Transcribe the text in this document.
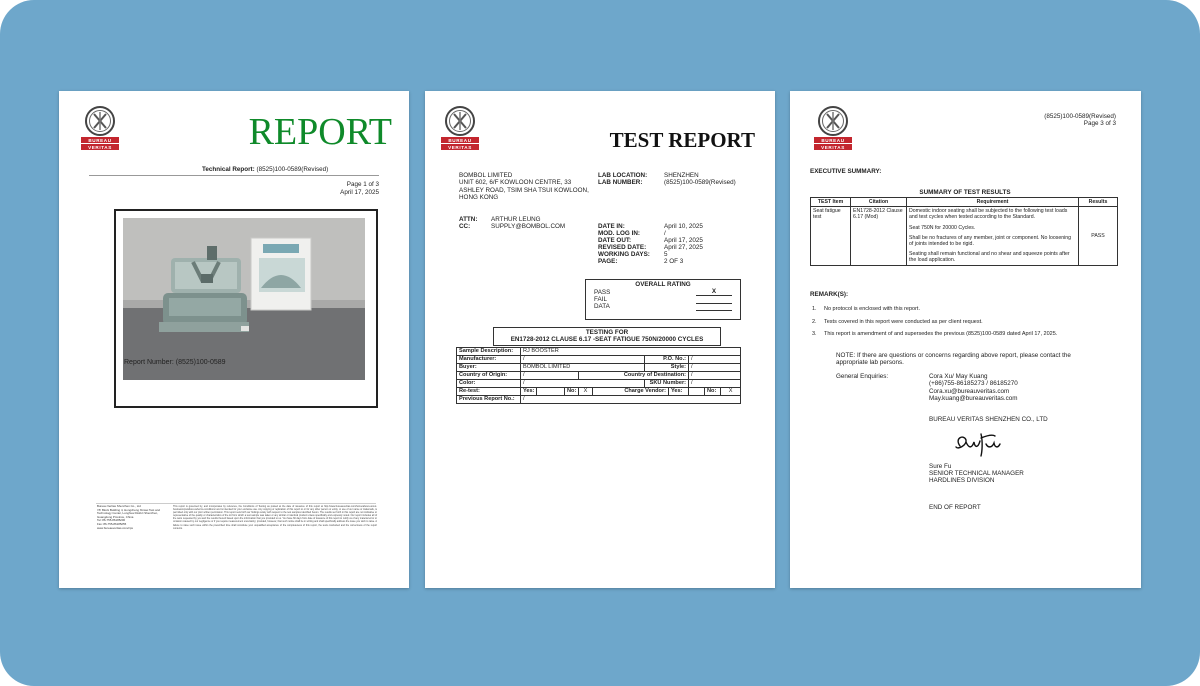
BUREAU
VERITAS	REPORT
Technical Report: (8525)100-0589(Revised)
Page 1 of 3
April 17, 2025
Report Number: (8525)100-0589
Bureau Veritas Shenzhen Co., Ltd
7/F Block Building 4, Hongcheng Xinwei Test and Technology Center, Longhua District Shenzhen, Guangdong Province, China
Tel: 86-755-86185200
Fax: 86-755-86185255
www.bureauveritas.com/cps
This report is governed by, and incorporates by reference, the Conditions of Testing as posted at the date of issuance of this report at http://www.bureauveritas.com/home/about-us/our-business/cps/about-us/terms-conditions/ and is intended for your exclusive use. Any copying or replication of this report to or for any other person or entity, or use of our name or trademark, is permitted only with our prior written permission. This report sets forth our findings solely with respect to the test samples identified herein. The results set forth in this report are not indicative or representative of the quality or characteristics of the lot from which a test sample was taken or any similar or identical product unless specifically and expressly noted. Our report includes all of the tests requested by you and the results thereof based upon the information that you provided to us. You have 60 days from date of issuance of this report to notify us of any material error or omission caused by our negligence or if you require measurement uncertainty; provided, however, that such notice shall be in writing and shall specifically address the issue you wish to raise. A failure to raise such issue within the prescribed time shall constitute your unqualified acceptance of the completeness of this report, the tests conducted and the correctness of the report contents.
BUREAU
VERITAS	TEST REPORT
BOMBOL LIMITED
UNIT 602, 6/F KOWLOON CENTRE, 33 ASHLEY ROAD, TSIM SHA TSUI KOWLOON, HONG KONG
LAB LOCATION:	SHENZHEN
LAB NUMBER:	(8525)100-0589(Revised)
ATTN: ARTHUR LEUNG
CC:	SUPPLY@BOMBOL.COM	DATE IN:	April 10, 2025
MOD. LOG IN:	/
DATE OUT:	April 17, 2025
REVISED DATE:	April 27, 2025
WORKING DAYS: 5
PAGE:	2 OF 3
OVERALL RATING
PASS	X
FAIL
DATA
TESTING FOR
EN1728-2012 CLAUSE 6.17 -SEAT FATIGUE 750N/20000 CYCLES
Sample Description:	RJ BOOSTER									
Manufacturer:	/					P.O. No.:		/		
Buyer:	BOMBOL LIMITED					Style:		/		
Country of Origin:	/			Country of Destination:				/		
Color:	/					SKU Number:		/		
Re-test:	Yes:		No:	X	Charge Vendor:		Yes:		No:	X
Previous Report No.:	/									
BUREAU
VERITAS
(8525)100-0589(Revised)
Page 3 of 3
EXECUTIVE SUMMARY:
SUMMARY OF TEST RESULTS
TEST Item	Citation	Requirement	Results
Seat fatigue test	EN1728-2012 Clause 6.17 (Mod)	Domestic indoor seating shall be subjected to the following test loads and test cycles when tested according to the Standard.
Seat 750N for 20000 Cycles.
Shall be no fractures of any member, joint or component. No loosening of joints intended to be rigid.
Seating shall remain functional and no shear and squeeze points after the load application.	PASS
REMARK(S):
1. No protocol is enclosed with this report.
2. Tests covered in this report were conducted as per client request.
3. This report is amendment of and supersedes the previous (8525)100-0589 dated April 17, 2025.
NOTE: If there are questions or concerns regarding above report, please contact the appropriate lab persons.
General Enquiries:	Cora Xu/ May Kuang
(+86)755-86185273 / 86185270
Cora.xu@bureauveritas.com
May.kuang@bureauveritas.com
BUREAU VERITAS SHENZHEN CO., LTD
Sure Fu
SENIOR TECHNICAL MANAGER
HARDLINES DIVISION
END OF REPORT
